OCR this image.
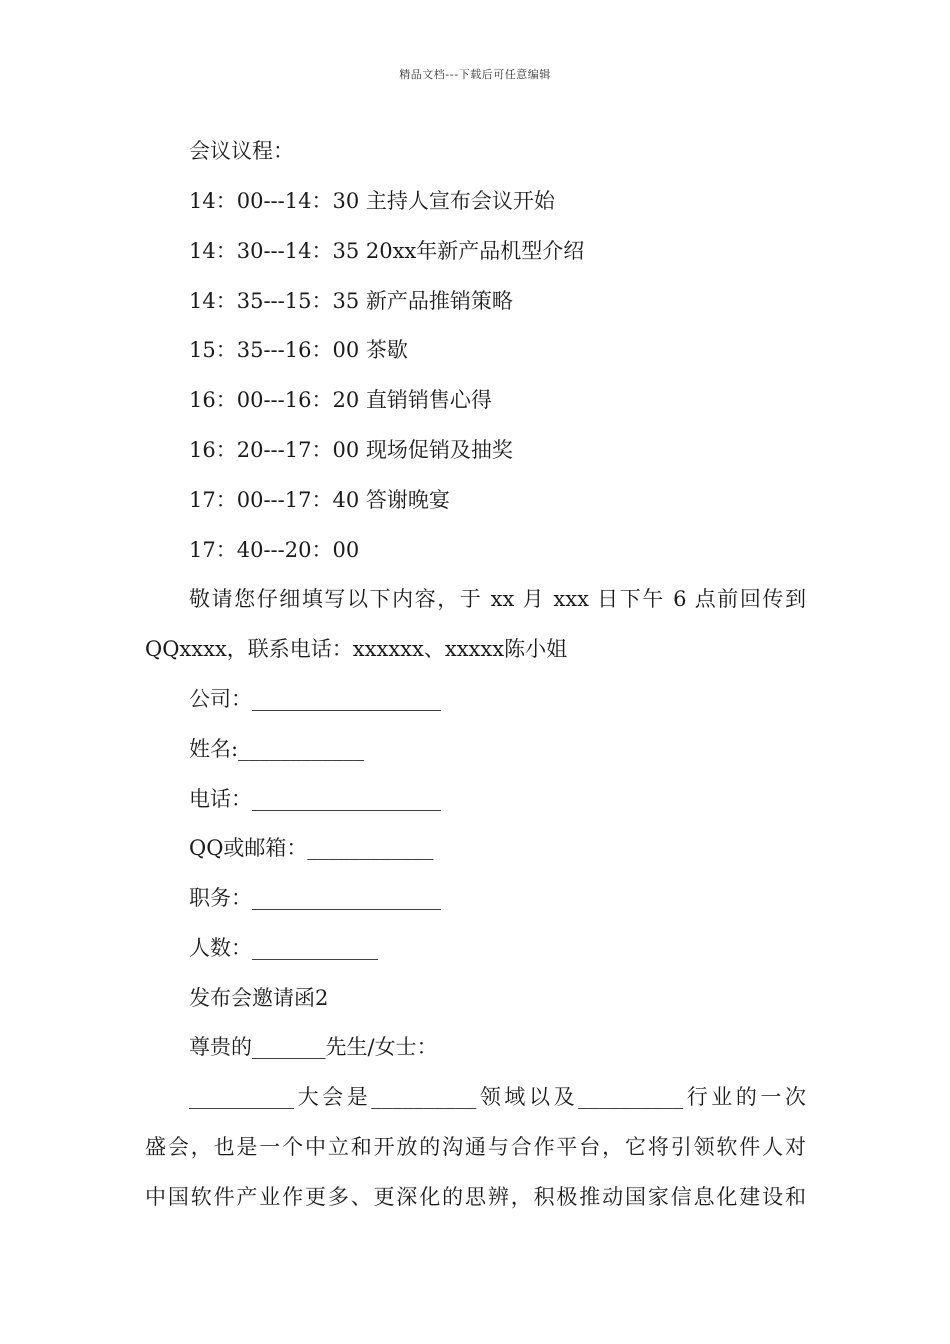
精品文档---下载后可任意编辑
会议议程：
14：00---14：30 主持人宣布会议开始
14：30---14：35 20xx年新产品机型介绍
14：35---15：35 新产品推销策略
15：35---16：00 茶歇
16：00---16：20 直销销售心得
16：20---17：00 现场促销及抽奖
17：00---17：40 答谢晚宴
17：40---20：00
敬请您仔细填写以下内容，于 xx 月 xxx 日下午 6 点前回传到
QQxxxx，联系电话：xxxxxx、xxxxx陈小姐
公司：__________________
姓名:____________
电话：__________________
QQ或邮箱：____________
职务：__________________
人数：____________
发布会邀请函2
尊贵的_______先生/女士：
__________大会是__________领域以及__________行业的一次
盛会，也是一个中立和开放的沟通与合作平台，它将引领软件人对
中国软件产业作更多、更深化的思辨，积极推动国家信息化建设和
